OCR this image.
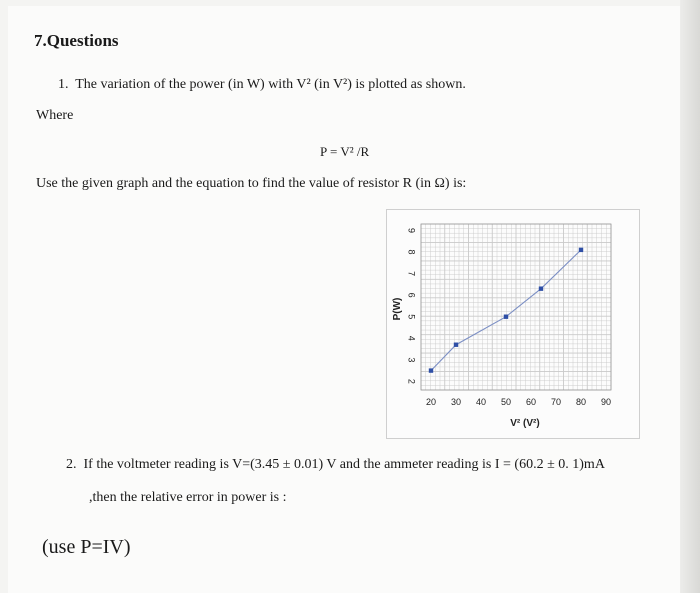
7.Questions
1. The variation of the power (in W) with V² (in V²) is plotted as shown.
Where
P = V² /R
Use the given graph and the equation to find the value of resistor R (in Ω) is:
20 30 40 50 60 70 80 90
2
3
4
5
6
7
8
9
V² (V²)
P(W)
2. If the voltmeter reading is V=(3.45 ± 0.01) V and the ammeter reading is I = (60.2 ± 0. 1)mA
,then the relative error in power is :
(use P=IV)
